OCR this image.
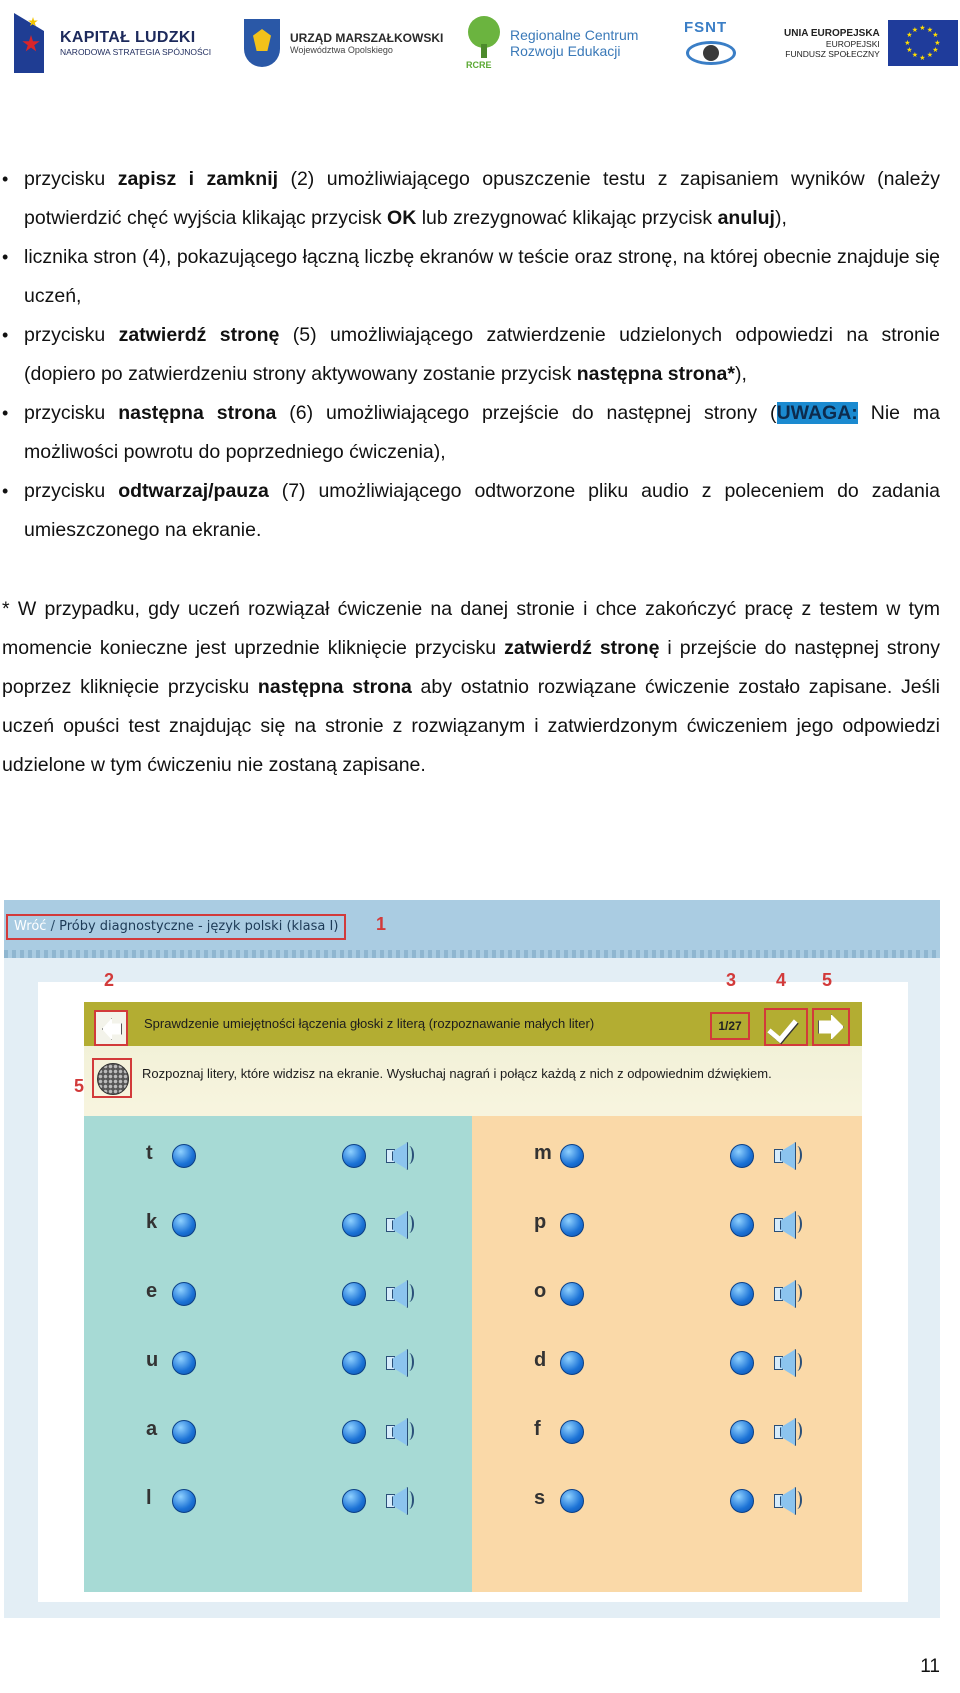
KAPITAŁ LUDZKI
NARODOWA STRATEGIA SPÓJNOŚCI
URZĄD MARSZAŁKOWSKI
Województwa Opolskiego
RCRE
Regionalne Centrum
Rozwoju Edukacji
FSNT	UNIA EUROPEJSKA
EUROPEJSKI
FUNDUSZ SPOŁECZNY
★ ★
★
★
★
★
★
★
★
★
★
★
• przycisku zapisz i zamknij (2) umożliwiającego opuszczenie testu z zapisaniem wyników (należy potwierdzić chęć wyjścia klikając przycisk OK lub zrezygnować klikając przycisk anuluj),
• licznika stron (4), pokazującego łączną liczbę ekranów w teście oraz stronę, na której obecnie znajduje się uczeń,
• przycisku zatwierdź stronę (5) umożliwiającego zatwierdzenie udzielonych odpowiedzi na stronie (dopiero po zatwierdzeniu strony aktywowany zostanie przycisk następna strona*),
• przycisku następna strona (6) umożliwiającego przejście do następnej strony (UWAGA: Nie ma możliwości powrotu do poprzedniego ćwiczenia),
• przycisku odtwarzaj/pauza (7) umożliwiającego odtworzone pliku audio z poleceniem do zadania umieszczonego na ekranie.

* W przypadku, gdy uczeń rozwiązał ćwiczenie na danej stronie i chce zakończyć pracę z testem w tym momencie konieczne jest uprzednie kliknięcie przycisku zatwierdź stronę i przejście do następnej strony poprzez kliknięcie przycisku następna strona aby ostatnio rozwiązane ćwiczenie zostało zapisane. Jeśli uczeń opuści test znajdując się na stronie z rozwiązanym i zatwierdzonym ćwiczeniem jego odpowiedzi udzielone w tym ćwiczeniu nie zostaną zapisane.

Wróć / Próby diagnostyczne - język polski (klasa I)	1
2	3 4 5
5
Sprawdzenie umiejętności łączenia głoski z literą (rozpoznawanie małych liter)	1/27
Rozpoznaj litery, które widzisz na ekranie. Wysłuchaj nagrań i połącz każdą z nich z odpowiednim dźwiękiem.
t
k
e
u
a
l
m
p
o
d
f
s
11
